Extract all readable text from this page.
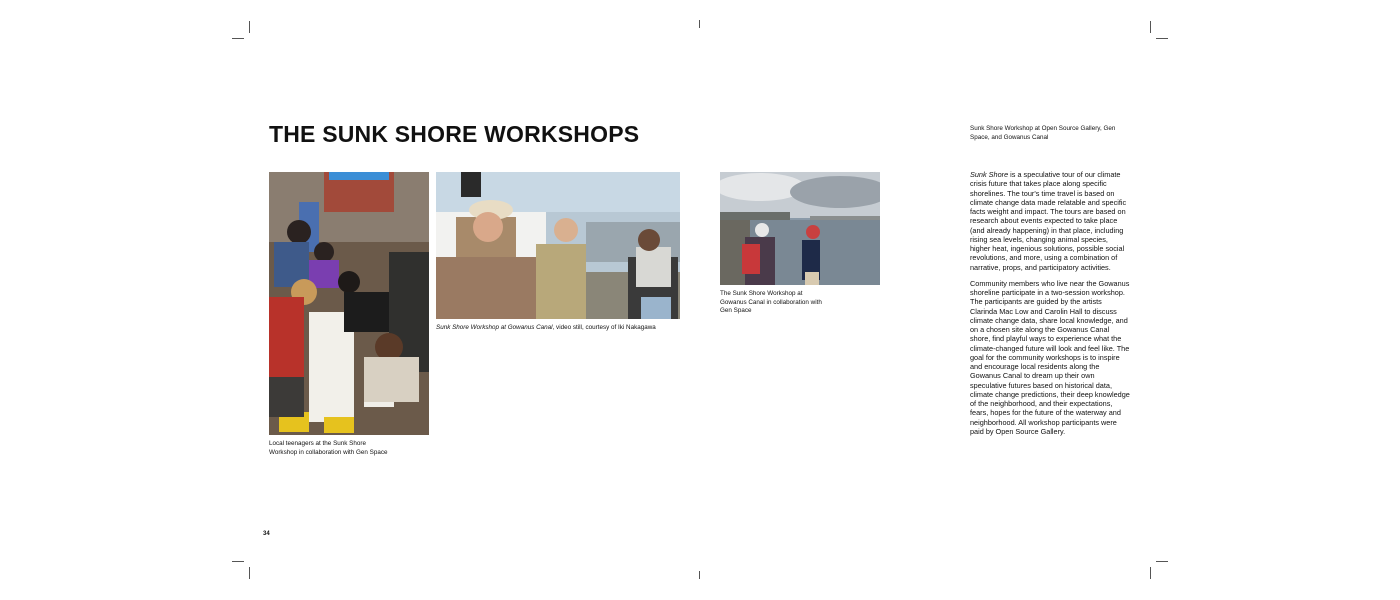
THE SUNK SHORE WORKSHOPS
Local teenagers at the Sunk Shore Workshop in collaboration with Gen Space
Sunk Shore Workshop at Gowanus Canal, video still, courtesy of Iki Nakagawa
The Sunk Shore Workshop at Gowanus Canal in collaboration with Gen Space
Sunk Shore Workshop at Open Source Gallery, Gen Space, and Gowanus Canal

Sunk Shore is a speculative tour of our climate crisis future that takes place along specific shorelines. The tour's time travel is based on climate change data made relatable and specific facts weight and impact. The tours are based on research about events expected to take place (and already happening) in that place, including rising sea levels, changing animal species, higher heat, ingenious solutions, possible social revolutions, and more, using a combination of narrative, props, and participatory activities.

Community members who live near the Gowanus shoreline participate in a two-session workshop. The participants are guided by the artists Clarinda Mac Low and Carolin Hall to discuss climate change data, share local knowledge, and on a chosen site along the Gowanus Canal shore, find playful ways to experience what the climate-changed future will look and feel like. The goal for the community workshops is to inspire and encourage local residents along the Gowanus Canal to dream up their own speculative futures based on historical data, climate change predictions, their deep knowledge of the neighborhood, and their expectations, fears, hopes for the future of the waterway and neighborhood. All workshop participants were paid by Open Source Gallery.

34
